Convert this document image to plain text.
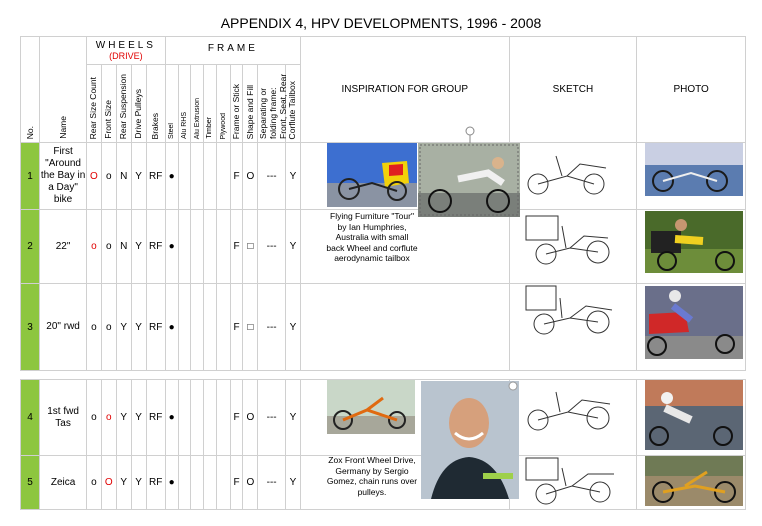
APPENDIX 4, HPV DEVELOPMENTS, 1996 - 2008
No.	Name	WHEELS
(DRIVE)					FRAME									INSPIRATION FOR GROUP	SKETCH	PHOTO
		Rear Size Count	Front Size	Rear Suspension	Drive Pulleys	Brakes	Steel	Alu RHS	Alu Extrusion	Timber	Plywood	Frame or Stick	Shape and Fill	Separating or folding frame: Front, Seat, Rear	Corflute Tailbox			
1	First "Around the Bay in a Day" bike	O	o	N	Y	RF	●					F	O	---	Y			
2	22"	o	o	N	Y	RF	●					F	□	---	Y			
3	20" rwd	o	o	Y	Y	RF	●					F	□	---	Y			

4	1st fwd Tas	o	o	Y	Y	RF	●					F	O	---	Y			
5	Zeica	o	O	Y	Y	RF	●					F	O	---	Y			
Flying Furniture "Tour" by Ian Humphries, Australia with small back Wheel and corflute aerodynamic tailbox
Zox Front Wheel Drive, Germany by Sergio Gomez, chain runs over pulleys.
